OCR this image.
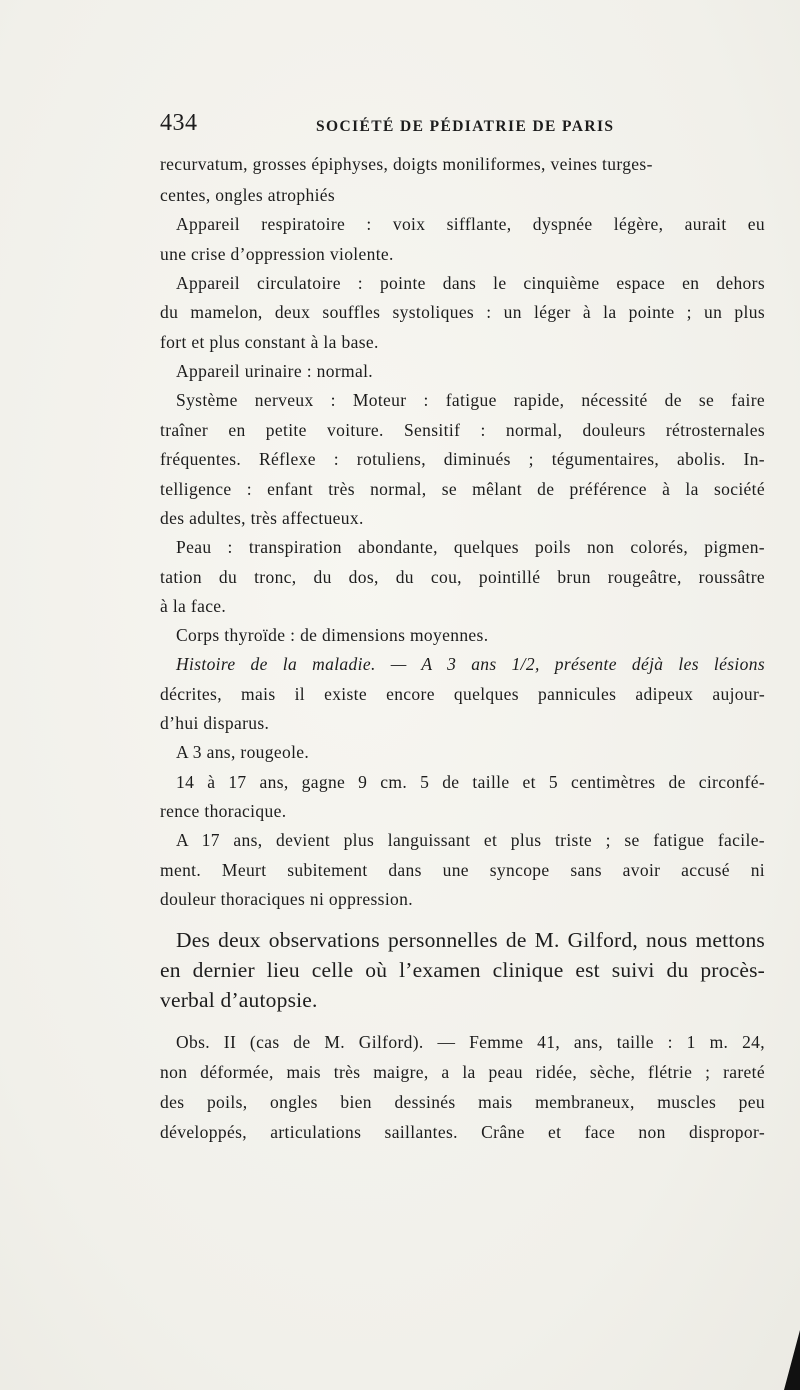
434	SOCIÉTÉ DE PÉDIATRIE DE PARIS
recurvatum, grosses épiphyses, doigts moniliformes, veines turges-
centes, ongles atrophiés
Appareil respiratoire : voix sifflante, dyspnée légère, aurait eu
une crise d’oppression violente.
Appareil circulatoire : pointe dans le cinquième espace en dehors
du mamelon, deux souffles systoliques : un léger à la pointe ; un plus
fort et plus constant à la base.
Appareil urinaire : normal.
Système nerveux : Moteur : fatigue rapide, nécessité de se faire
traîner en petite voiture. Sensitif : normal, douleurs rétrosternales
fréquentes. Réflexe : rotuliens, diminués ; tégumentaires, abolis. In-
telligence : enfant très normal, se mêlant de préférence à la société
des adultes, très affectueux.
Peau : transpiration abondante, quelques poils non colorés, pigmen-
tation du tronc, du dos, du cou, pointillé brun rougeâtre, roussâtre
à la face.
Corps thyroïde : de dimensions moyennes.
Histoire de la maladie. — A 3 ans 1/2, présente déjà les lésions
décrites, mais il existe encore quelques pannicules adipeux aujour-
d’hui disparus.
A 3 ans, rougeole.
14 à 17 ans, gagne 9 cm. 5 de taille et 5 centimètres de circonfé-
rence thoracique.
A 17 ans, devient plus languissant et plus triste ; se fatigue facile-
ment. Meurt subitement dans une syncope sans avoir accusé ni
douleur thoraciques ni oppression.
Des deux observations personnelles de M. Gilford, nous mettons
en dernier lieu celle où l’examen clinique est suivi du procès-
verbal d’autopsie.
Obs. II (cas de M. Gilford). — Femme 41, ans, taille : 1 m. 24,
non déformée, mais très maigre, a la peau ridée, sèche, flétrie ; rareté
des poils, ongles bien dessinés mais membraneux, muscles peu
développés, articulations saillantes. Crâne et face non dispropor-
